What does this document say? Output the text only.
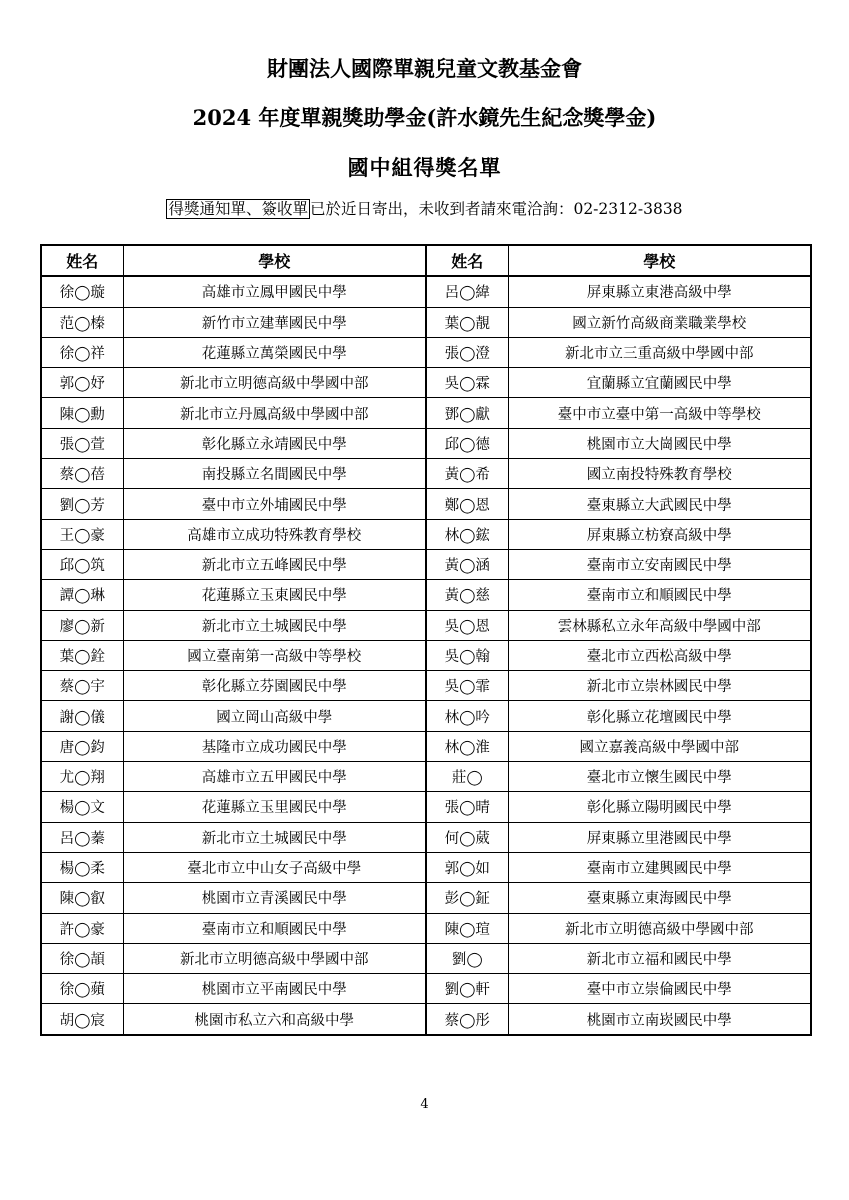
財團法人國際單親兒童文教基金會
2024 年度單親獎助學金(許水鏡先生紀念獎學金)
國中組得獎名單
得獎通知單、簽收單 已於近日寄出，未收到者請來電洽詢：02-2312-3838
姓名	學校	姓名	學校
徐◯璇	高雄市立鳳甲國民中學	呂◯緯	屏東縣立東港高級中學
范◯榛	新竹市立建華國民中學	葉◯靚	國立新竹高級商業職業學校
徐◯祥	花蓮縣立萬榮國民中學	張◯澄	新北市立三重高級中學國中部
郭◯妤	新北市立明德高級中學國中部	吳◯霖	宜蘭縣立宜蘭國民中學
陳◯勳	新北市立丹鳳高級中學國中部	鄧◯獻	臺中市立臺中第一高級中等學校
張◯萱	彰化縣立永靖國民中學	邱◯德	桃園市立大崗國民中學
蔡◯蓓	南投縣立名間國民中學	黃◯希	國立南投特殊教育學校
劉◯芳	臺中市立外埔國民中學	鄭◯恩	臺東縣立大武國民中學
王◯豪	高雄市立成功特殊教育學校	林◯鋐	屏東縣立枋寮高級中學
邱◯筑	新北市立五峰國民中學	黃◯涵	臺南市立安南國民中學
譚◯琳	花蓮縣立玉東國民中學	黃◯慈	臺南市立和順國民中學
廖◯新	新北市立土城國民中學	吳◯恩	雲林縣私立永年高級中學國中部
葉◯銓	國立臺南第一高級中等學校	吳◯翰	臺北市立西松高級中學
蔡◯宇	彰化縣立芬園國民中學	吳◯霏	新北市立崇林國民中學
謝◯儀	國立岡山高級中學	林◯吟	彰化縣立花壇國民中學
唐◯鈞	基隆市立成功國民中學	林◯淮	國立嘉義高級中學國中部
尤◯翔	高雄市立五甲國民中學	莊◯	臺北市立懷生國民中學
楊◯文	花蓮縣立玉里國民中學	張◯晴	彰化縣立陽明國民中學
呂◯蓁	新北市立土城國民中學	何◯葳	屏東縣立里港國民中學
楊◯柔	臺北市立中山女子高級中學	郭◯如	臺南市立建興國民中學
陳◯叡	桃園市立青溪國民中學	彭◯鉦	臺東縣立東海國民中學
許◯豪	臺南市立和順國民中學	陳◯瑄	新北市立明德高級中學國中部
徐◯頡	新北市立明德高級中學國中部	劉◯	新北市立福和國民中學
徐◯蘋	桃園市立平南國民中學	劉◯軒	臺中市立崇倫國民中學
胡◯宸	桃園市私立六和高級中學	蔡◯彤	桃園市立南崁國民中學
4
